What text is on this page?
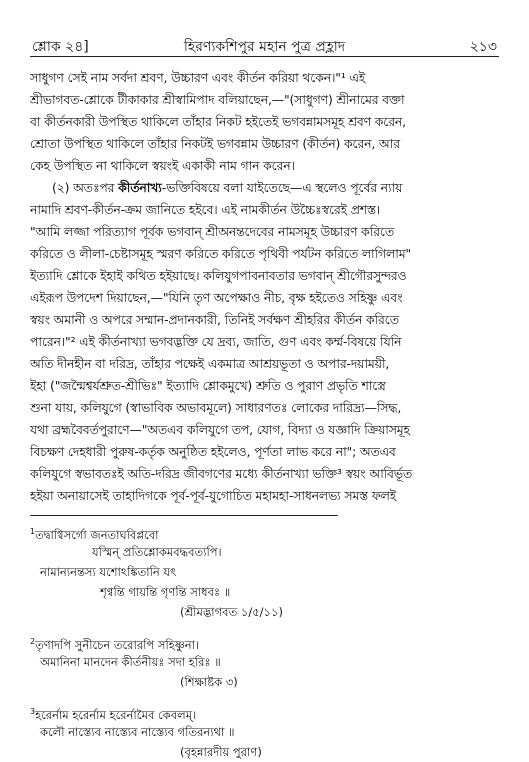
শ্লোক ২৪]	হিরণ্যকশিপুর মহান পুত্র প্রহ্লাদ	২১৩
সাধুগণ সেই নাম সর্বদা শ্রবণ, উচ্চারণ এবং কীর্তন করিয়া থকেন।"¹ এই
শ্রীভাগবত-শ্লোকে টীকাকার শ্রীস্বামিপাদ বলিয়াছেন,—"(সাধুগণ) শ্রীনামের বক্তা
বা কীর্তনকারী উপস্থিত থাকিলে তাঁহার নিকট হইতেই ভগবন্নামসমূহ শ্রবণ করেন,
শ্রোতা উপস্থিত থাকিলে তাঁহার নিকটই ভগবন্নাম উচ্চারণ (কীর্তন) করেন, আর
কেহ উপস্থিত না থাকিলে স্বয়ংই একাকী নাম গান করেন।
(২) অতঃপর কীর্তনাখ্য-ভক্তিবিষয়ে বলা যাইতেছে—এ স্থলেও পূর্বের ন্যায়
নামাদি শ্রবণ-কীর্তন-ক্রম জানিতে হইবে। এই নামকীর্তন উচ্চৈঃস্বরেই প্রশস্ত।
"আমি লজ্জা পরিত্যাগ পূর্বক ভগবান্ শ্রীঅনন্তদেবের নামসমূহ উচ্চারণ করিতে
করিতে ও লীলা-চেষ্টাসমূহ স্মরণ করিতে করিতে পৃথিবী পর্যটন করিতে লাগিলাম"
ইত্যাদি শ্লোকে ইহাই কথিত হইয়াছে। কলিযুগপাবনাবতার ভগবান্ শ্রীগৌরসুন্দরও
এইরূপ উপদেশ দিয়াছেন,—"যিনি তৃণ অপেক্ষাও নীচ, বৃক্ষ হইতেও সহিষ্ণু এবং
স্বয়ং অমানী ও অপরে সম্মান-প্রদানকারী, তিনিই সর্বক্ষণ শ্রীহরির কীর্তন করিতে
পারেন।"² এই কীর্তনাখ্যা ভগবদ্ভক্তি যে দ্রব্য, জাতি, গুণ এবং কর্ম্ম-বিষয়ে যিনি
অতি দীনহীন বা দরিদ্র, তাঁহার পক্ষেই একমাত্র আশ্রয়ভূতা ও অপার-দয়াময়ী,
ইহা ("জন্মৈশ্বর্যশ্রুত-শ্রীভিঃ" ইত্যাদি শ্লোকমুখে) শ্রুতি ও পুরাণ প্রভৃতি শাস্ত্রে
শুনা যায়, কলিযুগে (স্বাভাবিক অভাবমূলে) সাধারণতঃ লোকের দারিদ্র্য—সিদ্ধ,
যথা ব্রহ্মবৈবর্তপুরাণে—"অতএব কলিযুগে তপ, যোগ, বিদ্যা ও যজ্ঞাদি ক্রিয়াসমূহ
বিচক্ষণ দেহধারী পুরুষ-কর্তৃক অনুষ্ঠিত হইলেও, পূর্ণতা লাভ করে না"; অতএব
কলিযুগে স্বভাবতঃই অতি-দরিদ্র জীবগণের মধ্যে কীর্তনাখ্যা ভক্তি³ স্বয়ং আবির্ভূত
হইয়া অনায়াসেই তাহাদিগকে পূর্ব-পূর্ব-যুগোচিত মহামহা-সাধনলভ্য সমস্ত ফলই
$^1$তদ্বাগ্বিসর্গো জনতাঘবিপ্লবো
যস্মিন্ প্রতিশ্লোকমবদ্ধবত্যপি।
নামান্যনন্তস্য যশোঽঙ্কিতানি যৎ
শৃণ্বন্তি গায়ন্তি গৃণন্তি সাধবঃ ॥
(শ্রীমদ্ভাগবত ১/৫/১১)
$^2$তৃণাদপি সুনীচেন তরোরপি সহিষ্ণুনা।
অমানিনা মানদেন কীর্তনীয়ঃ সদা হরিঃ ॥
(শিক্ষাষ্টক ৩)
$^3$হরের্নাম হরের্নাম হরের্নামৈব কেবলম্।
কলৌ নাস্ত্যেব নাস্ত্যেব নাস্ত্যেব গতিরন্যথা ॥
(বৃহন্নারদীয় পুরাণ)
